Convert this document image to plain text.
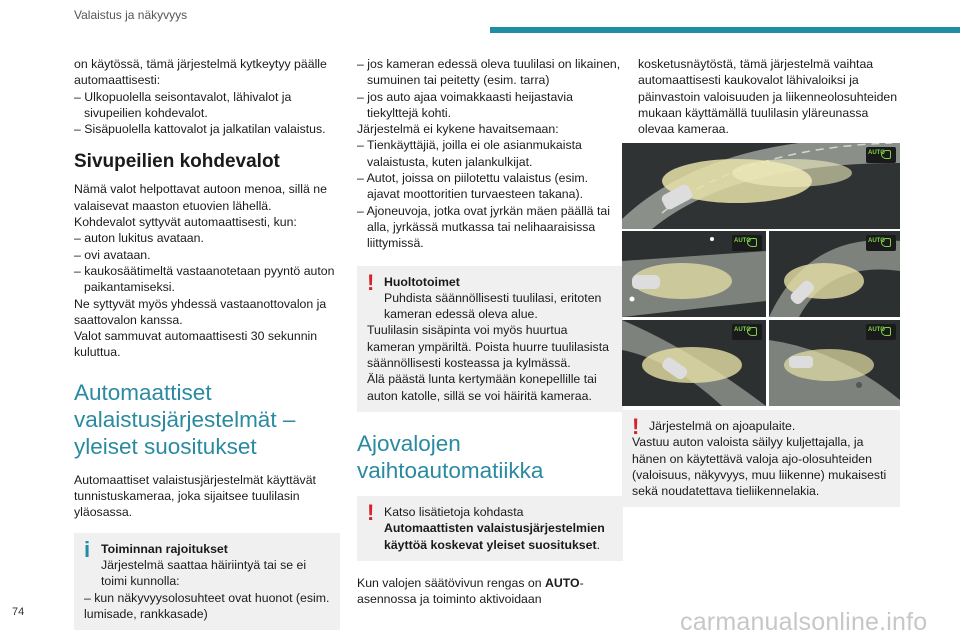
Valaistus ja näkyvyys

on käytössä, tämä järjestelmä kytkeytyy päälle automaattisesti:

– Ulkopuolella seisontavalot, lähivalot ja sivupeilien kohdevalot.

– Sisäpuolella kattovalot ja jalkatilan valaistus.

Sivupeilien kohdevalot

Nämä valot helpottavat autoon menoa, sillä ne valaisevat maaston etuovien lähellä.

Kohdevalot syttyvät automaattisesti, kun:

– auton lukitus avataan.

– ovi avataan.

– kaukosäätimeltä vastaanotetaan pyyntö auton paikantamiseksi.

Ne syttyvät myös yhdessä vastaanottovalon ja saattovalon kanssa.

Valot sammuvat automaattisesti 30 sekunnin kuluttua.

Automaattiset valaistusjärjestelmät – yleiset suositukset

Automaattiset valaistusjärjestelmät käyttävät tunnistuskameraa, joka sijaitsee tuulilasin yläosassa.

i Toiminnan rajoitukset

Järjestelmä saattaa häiriintyä tai se ei toimi kunnolla:

– kun näkyvyysolosuhteet ovat huonot (esim. lumisade, rankkasade)

– jos kameran edessä oleva tuulilasi on likainen, sumuinen tai peitetty (esim. tarra)

– jos auto ajaa voimakkaasti heijastavia tiekylttejä kohti.

Järjestelmä ei kykene havaitsemaan:

– Tienkäyttäjiä, joilla ei ole asianmukaista valaistusta, kuten jalankulkijat.

– Autot, joissa on piilotettu valaistus (esim. ajavat moottoritien turvaesteen takana).

– Ajoneuvoja, jotka ovat jyrkän mäen päällä tai alla, jyrkässä mutkassa tai nelihaaraisissa liittymissä.

! Huoltotoimet

Puhdista säännöllisesti tuulilasi, eritoten kameran edessä oleva alue.

Tuulilasin sisäpinta voi myös huurtua kameran ympäriltä. Poista huurre tuulilasista säännöllisesti kosteassa ja kylmässä.

Älä päästä lunta kertymään konepellille tai auton katolle, sillä se voi häiritä kameraa.

Ajovalojen vaihtoautomatiikka
! Katso lisätietoja kohdasta Automaattisten valaistusjärjestelmien käyttöä koskevat yleiset suositukset.

Kun valojen säätövivun rengas on AUTO-asennossa ja toiminto aktivoidaan

kosketusnäytöstä, tämä järjestelmä vaihtaa automaattisesti kaukovalot lähivaloiksi ja päinvastoin valoisuuden ja liikenneolosuhteiden mukaan käyttämällä tuulilasin yläreunassa olevaa kameraa.

AUTO
AUTO	AUTO
AUTO	AUTO
! Järjestelmä on ajoapulaite.

Vastuu auton valoista säilyy kuljettajalla, ja hänen on käytettävä valoja ajo-olosuhteiden (valoisuus, näkyvyys, muu liikenne) mukaisesti sekä noudatettava tieliikennelakia.

74	carmanualsonline.info
